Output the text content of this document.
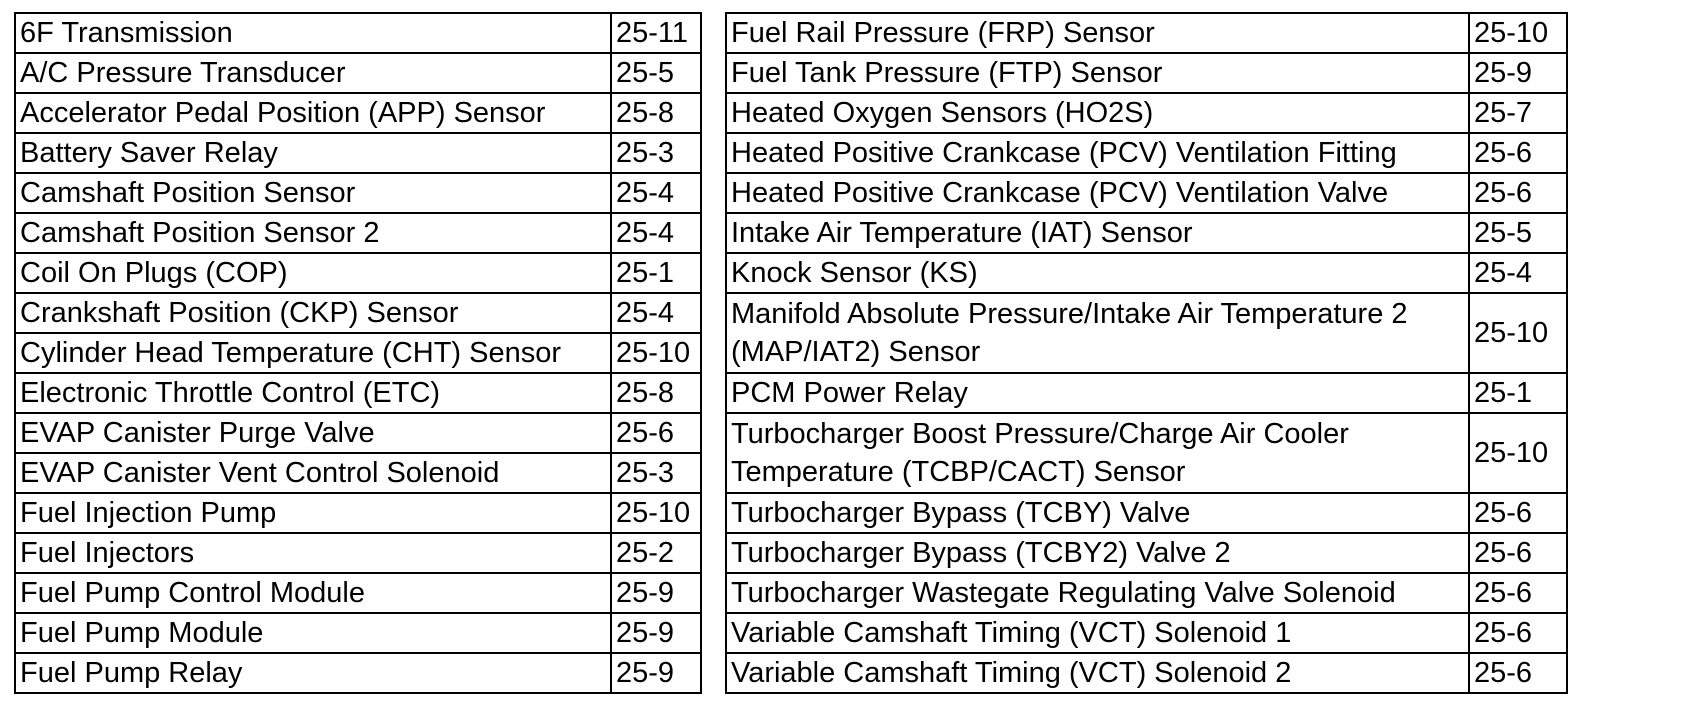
6F Transmission	25-11		Fuel Rail Pressure (FRP) Sensor	25-10
A/C Pressure Transducer	25-5		Fuel Tank Pressure (FTP) Sensor	25-9
Accelerator Pedal Position (APP) Sensor	25-8		Heated Oxygen Sensors (HO2S)	25-7
Battery Saver Relay	25-3		Heated Positive Crankcase (PCV) Ventilation Fitting	25-6
Camshaft Position Sensor	25-4		Heated Positive Crankcase (PCV) Ventilation Valve	25-6
Camshaft Position Sensor 2	25-4		Intake Air Temperature (IAT) Sensor	25-5
Coil On Plugs (COP)	25-1		Knock Sensor (KS)	25-4
Crankshaft Position (CKP) Sensor	25-4		Manifold Absolute Pressure/Intake Air Temperature 2 (MAP/IAT2) Sensor	25-10
Cylinder Head Temperature (CHT) Sensor	25-10			
Electronic Throttle Control (ETC)	25-8		PCM Power Relay	25-1
EVAP Canister Purge Valve	25-6		Turbocharger Boost Pressure/Charge Air Cooler Temperature (TCBP/CACT) Sensor	25-10
EVAP Canister Vent Control Solenoid	25-3			
Fuel Injection Pump	25-10		Turbocharger Bypass (TCBY) Valve	25-6
Fuel Injectors	25-2		Turbocharger Bypass (TCBY2) Valve 2	25-6
Fuel Pump Control Module	25-9		Turbocharger Wastegate Regulating Valve Solenoid	25-6
Fuel Pump Module	25-9		Variable Camshaft Timing (VCT) Solenoid 1	25-6
Fuel Pump Relay	25-9		Variable Camshaft Timing (VCT) Solenoid 2	25-6
